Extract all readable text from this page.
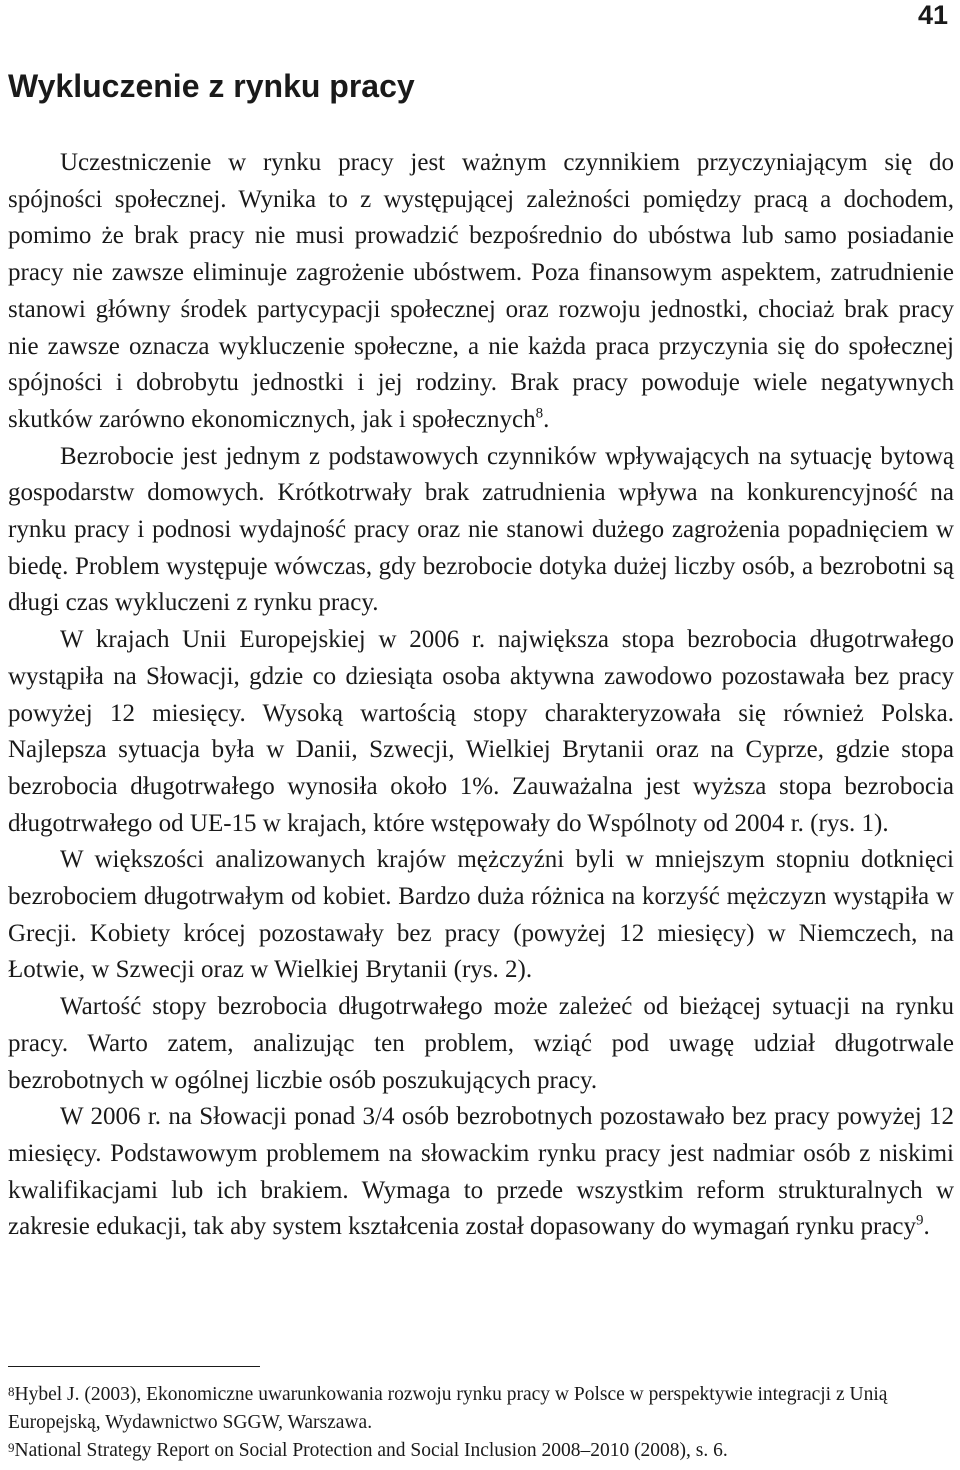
41
Wykluczenie z rynku pracy

Uczestniczenie w rynku pracy jest ważnym czynnikiem przyczyniającym się do spójności społecznej. Wynika to z występującej zależności pomiędzy pracą a dochodem, pomimo że brak pracy nie musi prowadzić bezpośrednio do ubóstwa lub samo posiadanie pracy nie zawsze eliminuje zagrożenie ubóstwem. Poza finansowym aspektem, zatrudnienie stanowi główny środek partycypacji społecznej oraz rozwoju jednostki, chociaż brak pracy nie zawsze oznacza wykluczenie społeczne, a nie każda praca przyczynia się do społecznej spójności i dobrobytu jednostki i jej rodziny. Brak pracy powoduje wiele negatywnych skutków zarówno ekonomicznych, jak i społecznych$^8$.

Bezrobocie jest jednym z podstawowych czynników wpływających na sytuację bytową gospodarstw domowych. Krótkotrwały brak zatrudnienia wpływa na konkurencyjność na rynku pracy i podnosi wydajność pracy oraz nie stanowi dużego zagrożenia popadnięciem w biedę. Problem występuje wówczas, gdy bezrobocie dotyka dużej liczby osób, a bezrobotni są długi czas wykluczeni z rynku pracy.

W krajach Unii Europejskiej w 2006 r. największa stopa bezrobocia długotrwałego wystąpiła na Słowacji, gdzie co dziesiąta osoba aktywna zawodowo pozostawała bez pracy powyżej 12 miesięcy. Wysoką wartością stopy charakteryzowała się również Polska. Najlepsza sytuacja była w Danii, Szwecji, Wielkiej Brytanii oraz na Cyprze, gdzie stopa bezrobocia długotrwałego wynosiła około 1%. Zauważalna jest wyższa stopa bezrobocia długotrwałego od UE-15 w krajach, które wstępowały do Wspólnoty od 2004 r. (rys. 1).

W większości analizowanych krajów mężczyźni byli w mniejszym stopniu dotknięci bezrobociem długotrwałym od kobiet. Bardzo duża różnica na korzyść mężczyzn wystąpiła w Grecji. Kobiety krócej pozostawały bez pracy (powyżej 12 miesięcy) w Niemczech, na Łotwie, w Szwecji oraz w Wielkiej Brytanii (rys. 2).

Wartość stopy bezrobocia długotrwałego może zależeć od bieżącej sytuacji na rynku pracy. Warto zatem, analizując ten problem, wziąć pod uwagę udział długotrwale bezrobotnych w ogólnej liczbie osób poszukujących pracy.

W 2006 r. na Słowacji ponad 3/4 osób bezrobotnych pozostawało bez pracy powyżej 12 miesięcy. Podstawowym problemem na słowackim rynku pracy jest nadmiar osób z niskimi kwalifikacjami lub ich brakiem. Wymaga to przede wszystkim reform strukturalnych w zakresie edukacji, tak aby system kształcenia został dopasowany do wymagań rynku pracy$^9$.

$^8$Hybel J. (2003), Ekonomiczne uwarunkowania rozwoju rynku pracy w Polsce w perspektywie integracji z Unią Europejską, Wydawnictwo SGGW, Warszawa.

$^9$National Strategy Report on Social Protection and Social Inclusion 2008–2010 (2008), s. 6.
